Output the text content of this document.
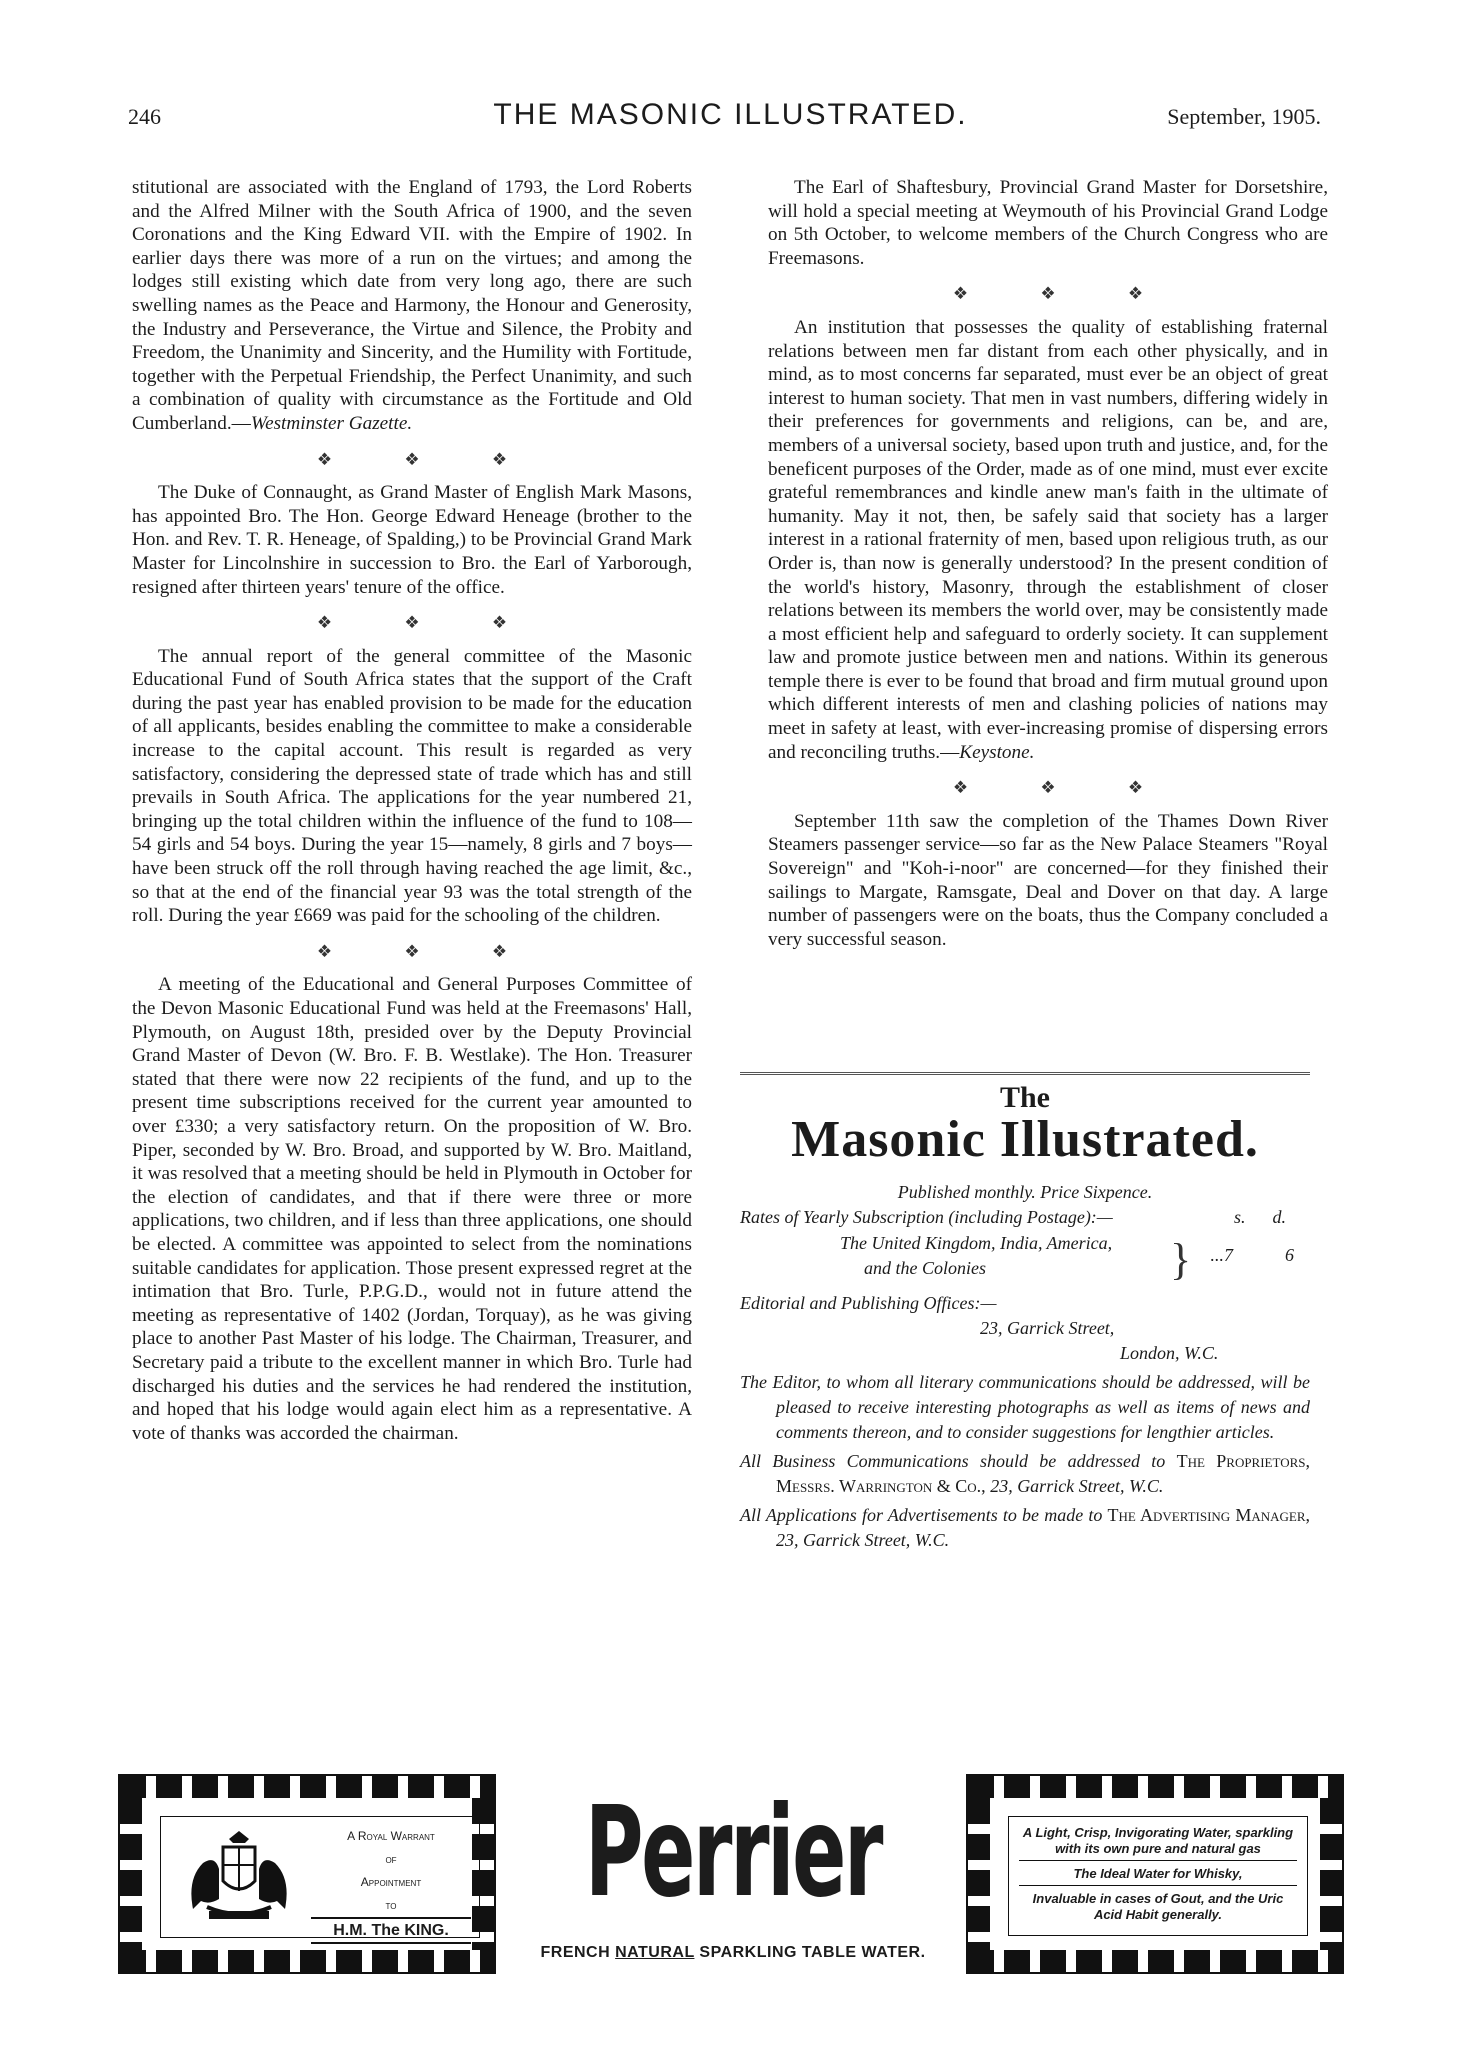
246	THE MASONIC ILLUSTRATED.	September, 1905.

stitutional are associated with the England of 1793, the Lord Roberts and the Alfred Milner with the South Africa of 1900, and the seven Coronations and the King Edward VII. with the Empire of 1902. In earlier days there was more of a run on the virtues; and among the lodges still existing which date from very long ago, there are such swelling names as the Peace and Harmony, the Honour and Generosity, the Industry and Perseverance, the Virtue and Silence, the Probity and Freedom, the Unanimity and Sincerity, and the Humility with Fortitude, together with the Perpetual Friendship, the Perfect Unanimity, and such a combination of quality with circumstance as the Fortitude and Old Cumberland.—Westminster Gazette.

❖ ❖ ❖

The Duke of Connaught, as Grand Master of English Mark Masons, has appointed Bro. The Hon. George Edward Heneage (brother to the Hon. and Rev. T. R. Heneage, of Spalding,) to be Provincial Grand Mark Master for Lincolnshire in succession to Bro. the Earl of Yarborough, resigned after thirteen years' tenure of the office.

❖ ❖ ❖

The annual report of the general committee of the Masonic Educational Fund of South Africa states that the support of the Craft during the past year has enabled provision to be made for the education of all applicants, besides enabling the committee to make a considerable increase to the capital account. This result is regarded as very satisfactory, considering the depressed state of trade which has and still prevails in South Africa. The applications for the year numbered 21, bringing up the total children within the influence of the fund to 108—54 girls and 54 boys. During the year 15—namely, 8 girls and 7 boys—have been struck off the roll through having reached the age limit, &c., so that at the end of the financial year 93 was the total strength of the roll. During the year £669 was paid for the schooling of the children.

❖ ❖ ❖

A meeting of the Educational and General Purposes Committee of the Devon Masonic Educational Fund was held at the Freemasons' Hall, Plymouth, on August 18th, presided over by the Deputy Provincial Grand Master of Devon (W. Bro. F. B. Westlake). The Hon. Treasurer stated that there were now 22 recipients of the fund, and up to the present time subscriptions received for the current year amounted to over £330; a very satisfactory return. On the proposition of W. Bro. Piper, seconded by W. Bro. Broad, and supported by W. Bro. Maitland, it was resolved that a meeting should be held in Plymouth in October for the election of candidates, and that if there were three or more applications, two children, and if less than three applications, one should be elected. A committee was appointed to select from the nominations suitable candidates for application. Those present expressed regret at the intimation that Bro. Turle, P.P.G.D., would not in future attend the meeting as representative of 1402 (Jordan, Torquay), as he was giving place to another Past Master of his lodge. The Chairman, Treasurer, and Secretary paid a tribute to the excellent manner in which Bro. Turle had discharged his duties and the services he had rendered the institution, and hoped that his lodge would again elect him as a representative. A vote of thanks was accorded the chairman.

The Earl of Shaftesbury, Provincial Grand Master for Dorsetshire, will hold a special meeting at Weymouth of his Provincial Grand Lodge on 5th October, to welcome members of the Church Congress who are Freemasons.

❖ ❖ ❖

An institution that possesses the quality of establishing fraternal relations between men far distant from each other physically, and in mind, as to most concerns far separated, must ever be an object of great interest to human society. That men in vast numbers, differing widely in their preferences for governments and religions, can be, and are, members of a universal society, based upon truth and justice, and, for the beneficent purposes of the Order, made as of one mind, must ever excite grateful remembrances and kindle anew man's faith in the ultimate of humanity. May it not, then, be safely said that society has a larger interest in a rational fraternity of men, based upon religious truth, as our Order is, than now is generally understood? In the present condition of the world's history, Masonry, through the establishment of closer relations between its members the world over, may be consistently made a most efficient help and safeguard to orderly society. It can supplement law and promote justice between men and nations. Within its generous temple there is ever to be found that broad and firm mutual ground upon which different interests of men and clashing policies of nations may meet in safety at least, with ever-increasing promise of dispersing errors and reconciling truths.—Keystone.

❖ ❖ ❖

September 11th saw the completion of the Thames Down River Steamers passenger service—so far as the New Palace Steamers "Royal Sovereign" and "Koh-i-noor" are concerned—for they finished their sailings to Margate, Ramsgate, Deal and Dover on that day. A large number of passengers were on the boats, thus the Company concluded a very successful season.

The
Masonic Illustrated.
Published monthly. Price Sixpence.
Rates of Yearly Subscription (including Postage):—	s. d.
The United Kingdom, India, America,
and the Colonies	} ... 7	6
Editorial and Publishing Offices:—
23, Garrick Street,
London, W.C.
The Editor, to whom all literary communications should be addressed, will be pleased to receive interesting photographs as well as items of news and comments thereon, and to consider suggestions for lengthier articles.
All Business Communications should be addressed to The Proprietors, Messrs. Warrington & Co., 23, Garrick Street, W.C.
All Applications for Advertisements to be made to The Advertising Manager, 23, Garrick Street, W.C.
A Royal Warrant
of
Appointment
to
H.M. The KING.
Perrier
FRENCH NATURAL SPARKLING TABLE WATER.
A Light, Crisp, Invigorating Water, sparkling with its own pure and natural gas
The Ideal Water for Whisky,
Invaluable in cases of Gout, and the Uric Acid Habit generally.
